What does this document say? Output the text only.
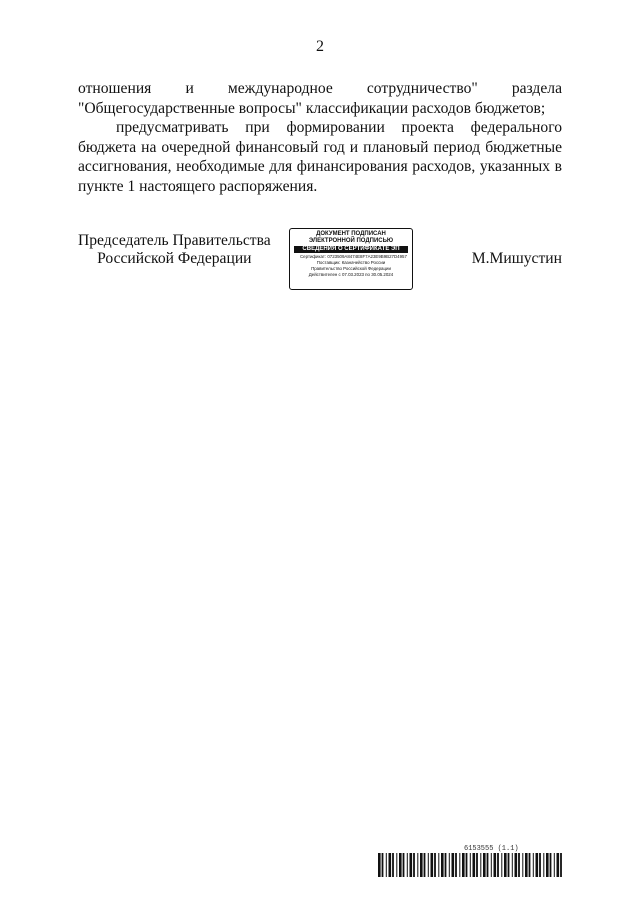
2

отношения и международное сотрудничество" раздела "Общегосударственные вопросы" классификации расходов бюджетов;

предусматривать при формировании проекта федерального бюджета на очередной финансовый год и плановый период бюджетные ассигнования, необходимые для финансирования расходов, указанных в пункте 1 настоящего распоряжения.

Председатель Правительства
Российской Федерации
ДОКУМЕНТ ПОДПИСАН
ЭЛЕКТРОННОЙ ПОДПИСЬЮ
СВЕДЕНИЯ О СЕРТИФИКАТЕ ЭП
Сертификат: 0723509A8474E8F7A23E9B9B27D4957
Поставщик: Казначейство России
Правительство Российской Федерации
Действителен с 07.03.2023 по 30.05.2024
М.Мишустин
6153555 (1.1)
